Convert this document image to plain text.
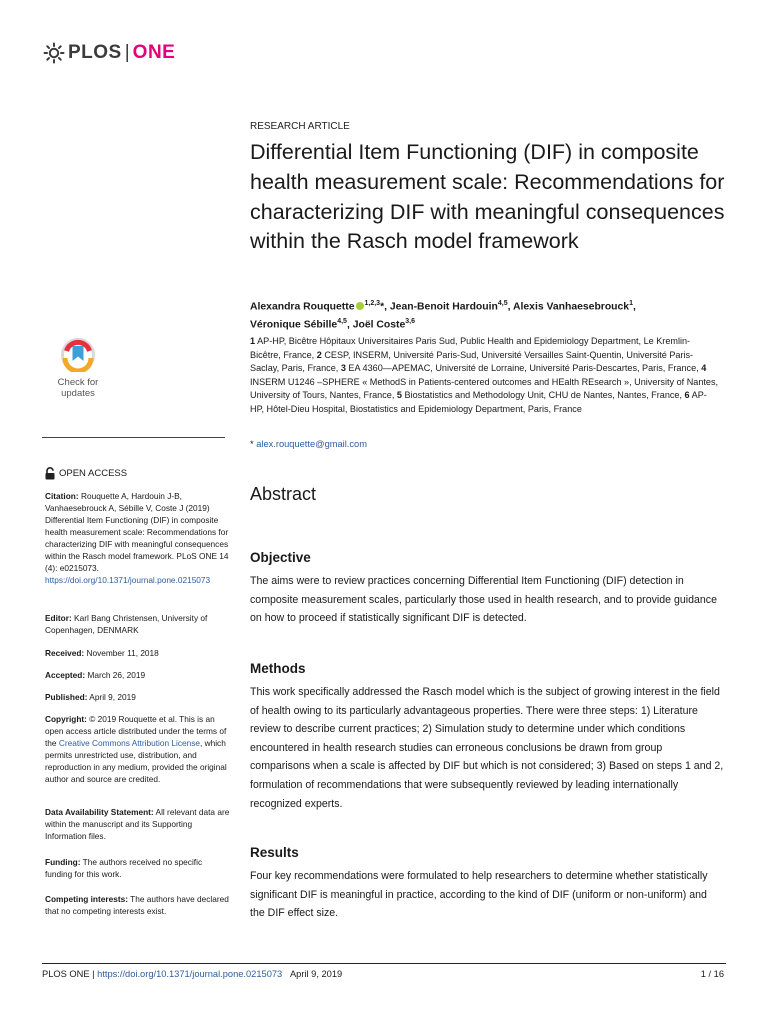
PLOS | ONE
RESEARCH ARTICLE
Differential Item Functioning (DIF) in composite health measurement scale: Recommendations for characterizing DIF with meaningful consequences within the Rasch model framework

Alexandra Rouquette $^{1,2,3}$*, Jean-Benoit Hardouin$^{4,5}$, Alexis Vanhaesebrouck$^1$,
Véronique Sébille$^{4,5}$, Joël Coste$^{3,6}$

1 AP-HP, Bicêtre Hôpitaux Universitaires Paris Sud, Public Health and Epidemiology Department, Le Kremlin-Bicêtre, France, 2 CESP, INSERM, Université Paris-Sud, Université Versailles Saint-Quentin, Université Paris-Saclay, Paris, France, 3 EA 4360—APEMAC, Université de Lorraine, Université Paris-Descartes, Paris, France, 4 INSERM U1246 –SPHERE « MethodS in Patients-centered outcomes and HEalth REsearch », University of Nantes, University of Tours, Nantes, France, 5 Biostatistics and Methodology Unit, CHU de Nantes, Nantes, France, 6 AP-HP, Hôtel-Dieu Hospital, Biostatistics and Epidemiology Department, Paris, France

* alex.rouquette@gmail.com
Abstract
Objective

The aims were to review practices concerning Differential Item Functioning (DIF) detection in composite measurement scales, particularly those used in health research, and to provide guidance on how to proceed if statistically significant DIF is detected.

Methods

This work specifically addressed the Rasch model which is the subject of growing interest in the field of health owing to its particularly advantageous properties. There were three steps: 1) Literature review to describe current practices; 2) Simulation study to determine under which conditions encountered in health research studies can erroneous conclusions be drawn from group comparisons when a scale is affected by DIF but which is not considered; 3) Based on steps 1 and 2, formulation of recommendations that were subsequently reviewed by leading internationally recognized experts.

Results

Four key recommendations were formulated to help researchers to determine whether statistically significant DIF is meaningful in practice, according to the kind of DIF (uniform or non-uniform) and the DIF effect size.

Check for
updates
OPEN ACCESS

Citation: Rouquette A, Hardouin J-B, Vanhaesebrouck A, Sébille V, Coste J (2019) Differential Item Functioning (DIF) in composite health measurement scale: Recommendations for characterizing DIF with meaningful consequences within the Rasch model framework. PLoS ONE 14 (4): e0215073. https://doi.org/10.1371/journal.pone.0215073

Editor: Karl Bang Christensen, University of Copenhagen, DENMARK

Received: November 11, 2018

Accepted: March 26, 2019

Published: April 9, 2019

Copyright: © 2019 Rouquette et al. This is an open access article distributed under the terms of the Creative Commons Attribution License, which permits unrestricted use, distribution, and reproduction in any medium, provided the original author and source are credited.

Data Availability Statement: All relevant data are within the manuscript and its Supporting Information files.

Funding: The authors received no specific funding for this work.

Competing interests: The authors have declared that no competing interests exist.

PLOS ONE | https://doi.org/10.1371/journal.pone.0215073 April 9, 2019	1 / 16
